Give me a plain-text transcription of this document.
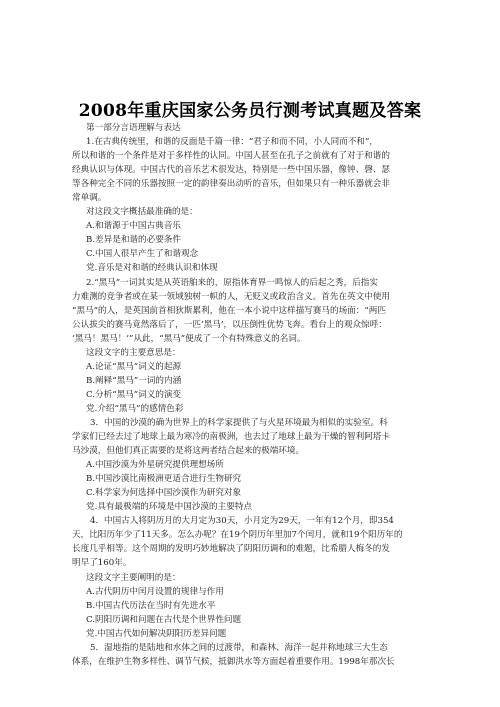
2008年重庆国家公务员行测考试真题及答案

第一部分言语理解与表达

1.在古典传统里，和谐的反面是千篇一律：“君子和而不同，小人同而不和”，

所以和谐的一个条件是对于多样性的认同。中国人甚至在孔子之前就有了对于和谐的

经典认识与体现。中国古代的音乐艺术很发达，特别是一些中国乐器，像钟、磬、瑟

等各种完全不同的乐器按照一定的韵律奏出动听的音乐，但如果只有一种乐器就会非

常单调。

对这段文字概括最准确的是：

A.和谐源于中国古典音乐

B.差异是和谐的必要条件

C.中国人很早产生了和谐观念

党.音乐是对和谐的经典认识和体现

2.“黑马”一词其实是从英语舶来的，原指体育界一鸣惊人的后起之秀，后指实

力难测的竞争者或在某一领域独树一帜的人，无贬义或政治含义。首先在英文中使用

“黑马”的人，是英国前首相狄斯累利，他在一本小说中这样描写赛马的场面：“两匹

公认拔尖的赛马竟然落后了，一匹‘黑马’，以压倒性优势飞奔。看台上的观众惊呼：

‘黑马！黑马！’”从此，“黑马”便成了一个有特殊意义的名词。

这段文字的主要意思是：

A.论证“黑马”词义的起源

B.阐释“黑马”一词的内涵

C.分析“黑马”词义的演变

党.介绍“黑马”的感情色彩

3．中国的沙漠的确为世界上的科学家提供了与火星环境最为相似的实验室。科

学家们已经去过了地球上最为寒冷的南极洲，也去过了地球上最为干燥的智利阿塔卡

马沙漠，但他们真正需要的是将这两者结合起来的极端环境。

A.中国沙漠为外星研究提供理想场所

B.中国沙漠比南极洲更适合进行生物研究

C.科学家为何选择中国沙漠作为研究对象

党.具有最极端的环境是中国沙漠的主要特点

4．中国古人将阴历月的大月定为30天，小月定为29天，一年有12个月，即354

天，比阳历年少了11天多。怎么办呢？在19个阴历年里加7个闰月，就和19个阳历年的

长度几乎相等。这个周期的发明巧妙地解决了阴阳历调和的难题，比希腊人梅冬的发

明早了160年。

这段文字主要阐明的是：

A.古代阴历中闰月设置的规律与作用

B.中国古代历法在当时有先进水平

C.阴阳历调和问题在古代是个世界性问题

党.中国古代如何解决阴阳历差异问题

5．湿地指的是陆地和水体之间的过渡带，和森林、海洋一起并称地球三大生态

体系，在维护生物多样性、调节气候，抵御洪水等方面起着重要作用。1998年那次长
